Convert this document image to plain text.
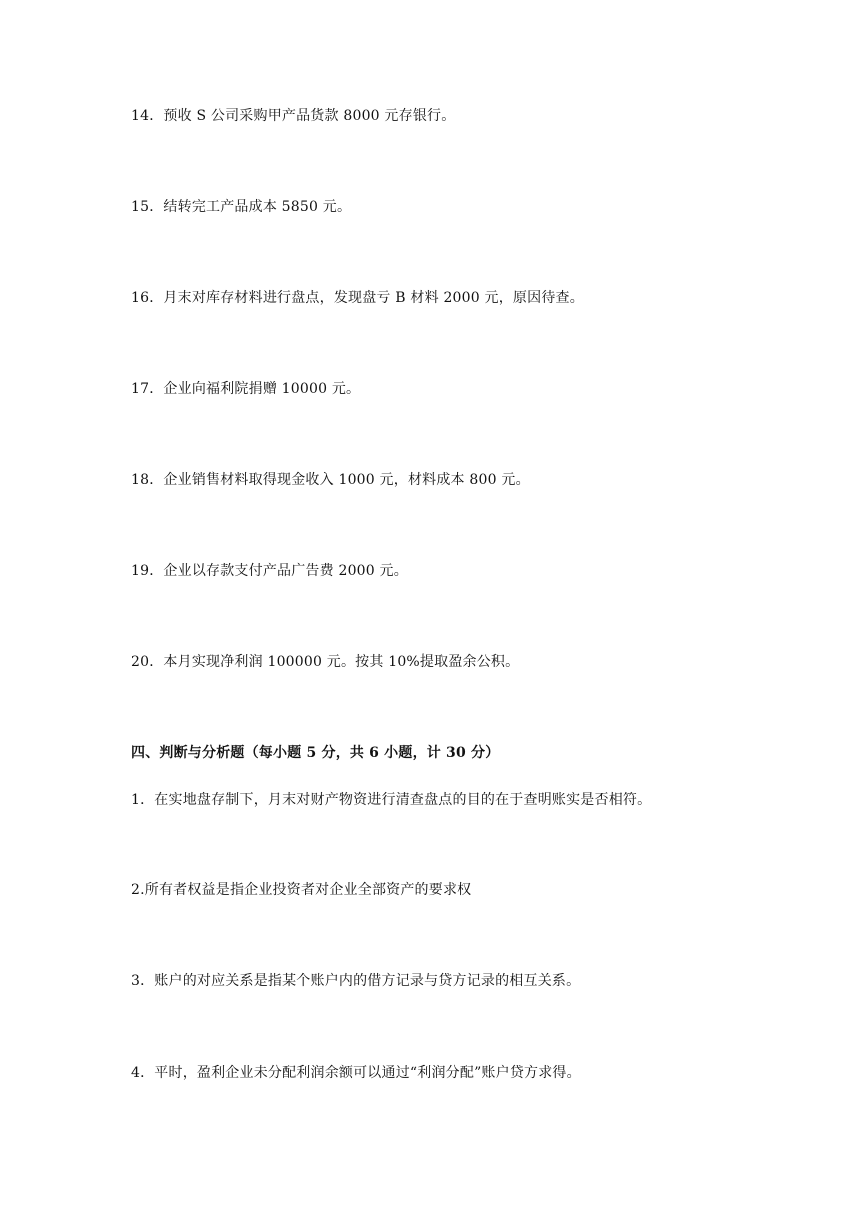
14．预收 S 公司采购甲产品货款 8000 元存银行。
15．结转完工产品成本 5850 元。
16．月末对库存材料进行盘点，发现盘亏 B 材料 2000 元，原因待查。
17．企业向福利院捐赠 10000 元。
18．企业销售材料取得现金收入 1000 元，材料成本 800 元。
19．企业以存款支付产品广告费 2000 元。
20．本月实现净利润 100000 元。按其 10%提取盈余公积。
四、判断与分析题（每小题 5 分，共 6 小题，计 30 分）
1．在实地盘存制下，月末对财产物资进行清查盘点的目的在于查明账实是否相符。
2.所有者权益是指企业投资者对企业全部资产的要求权
3．账户的对应关系是指某个账户内的借方记录与贷方记录的相互关系。
4．平时，盈利企业未分配利润余额可以通过“利润分配”账户贷方求得。
